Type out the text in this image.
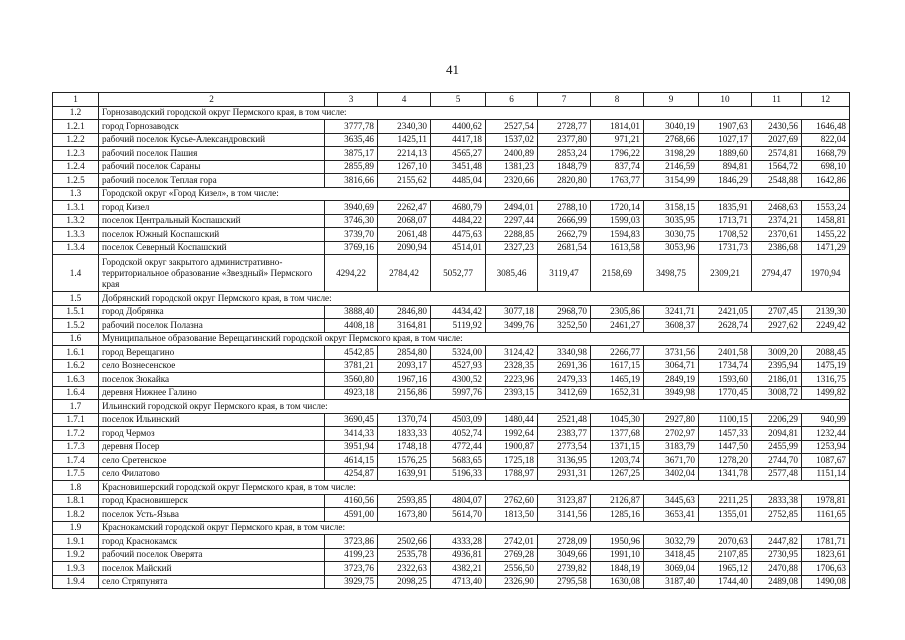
41
1	2	3	4	5	6	7	8	9	10	11	12
1.2	Горнозаводский городской округ Пермского края, в том числе:										
1.2.1	город Горнозаводск	3777,78	2340,30	4400,62	2527,54	2728,77	1814,01	3040,19	1907,63	2430,56	1646,48
1.2.2	рабочий поселок Кусье-Александровский	3635,46	1425,11	4417,18	1537,02	2377,80	971,21	2768,66	1027,17	2027,69	822,04
1.2.3	рабочий поселок Пашия	3875,17	2214,13	4565,27	2400,89	2853,24	1796,22	3198,29	1889,60	2574,81	1668,79
1.2.4	рабочий поселок Сараны	2855,89	1267,10	3451,48	1381,23	1848,79	837,74	2146,59	894,81	1564,72	698,10
1.2.5	рабочий поселок Теплая гора	3816,66	2155,62	4485,04	2320,66	2820,80	1763,77	3154,99	1846,29	2548,88	1642,86
1.3	Городской округ «Город Кизел», в том числе:										
1.3.1	город Кизел	3940,69	2262,47	4680,79	2494,01	2788,10	1720,14	3158,15	1835,91	2468,63	1553,24
1.3.2	поселок Центральный Коспашский	3746,30	2068,07	4484,22	2297,44	2666,99	1599,03	3035,95	1713,71	2374,21	1458,81
1.3.3	поселок Южный Коспашский	3739,70	2061,48	4475,63	2288,85	2662,79	1594,83	3030,75	1708,52	2370,61	1455,22
1.3.4	поселок Северный Коспашский	3769,16	2090,94	4514,01	2327,23	2681,54	1613,58	3053,96	1731,73	2386,68	1471,29
1.4	Городской округ закрытого административно-территориальное образование «Звездный» Пермского края	4294,22	2784,42	5052,77	3085,46	3119,47	2158,69	3498,75	2309,21	2794,47	1970,94
1.5	Добрянский городской округ Пермского края, в том числе:										
1.5.1	город Добрянка	3888,40	2846,80	4434,42	3077,18	2968,70	2305,86	3241,71	2421,05	2707,45	2139,30
1.5.2	рабочий поселок Полазна	4408,18	3164,81	5119,92	3499,76	3252,50	2461,27	3608,37	2628,74	2927,62	2249,42
1.6	Муниципальное образование Верещагинский городской округ Пермского края, в том числе:										
1.6.1	город Верещагино	4542,85	2854,80	5324,00	3124,42	3340,98	2266,77	3731,56	2401,58	3009,20	2088,45
1.6.2	село Вознесенское	3781,21	2093,17	4527,93	2328,35	2691,36	1617,15	3064,71	1734,74	2395,94	1475,19
1.6.3	поселок Зюкайка	3560,80	1967,16	4300,52	2223,96	2479,33	1465,19	2849,19	1593,60	2186,01	1316,75
1.6.4	деревня Нижнее Галино	4923,18	2156,86	5997,76	2393,15	3412,69	1652,31	3949,98	1770,45	3008,72	1499,82
1.7	Ильинский городской округ Пермского края, в том числе:										
1.7.1	поселок Ильинский	3690,45	1370,74	4503,09	1480,44	2521,48	1045,30	2927,80	1100,15	2206,29	940,99
1.7.2	город Чермоз	3414,33	1833,33	4052,74	1992,64	2383,77	1377,68	2702,97	1457,33	2094,81	1232,44
1.7.3	деревня Посер	3951,94	1748,18	4772,44	1900,87	2773,54	1371,15	3183,79	1447,50	2455,99	1253,94
1.7.4	село Сретенское	4614,15	1576,25	5683,65	1725,18	3136,95	1203,74	3671,70	1278,20	2744,70	1087,67
1.7.5	село Филатово	4254,87	1639,91	5196,33	1788,97	2931,31	1267,25	3402,04	1341,78	2577,48	1151,14
1.8	Красновишерский городской округ Пермского края, в том числе:										
1.8.1	город Красновишерск	4160,56	2593,85	4804,07	2762,60	3123,87	2126,87	3445,63	2211,25	2833,38	1978,81
1.8.2	поселок Усть-Язьва	4591,00	1673,80	5614,70	1813,50	3141,56	1285,16	3653,41	1355,01	2752,85	1161,65
1.9	Краснокамский городской округ Пермского края, в том числе:										
1.9.1	город Краснокамск	3723,86	2502,66	4333,28	2742,01	2728,09	1950,96	3032,79	2070,63	2447,82	1781,71
1.9.2	рабочий поселок Оверята	4199,23	2535,78	4936,81	2769,28	3049,66	1991,10	3418,45	2107,85	2730,95	1823,61
1.9.3	поселок Майский	3723,76	2322,63	4382,21	2556,50	2739,82	1848,19	3069,04	1965,12	2470,88	1706,63
1.9.4	село Стряпунята	3929,75	2098,25	4713,40	2326,90	2795,58	1630,08	3187,40	1744,40	2489,08	1490,08
